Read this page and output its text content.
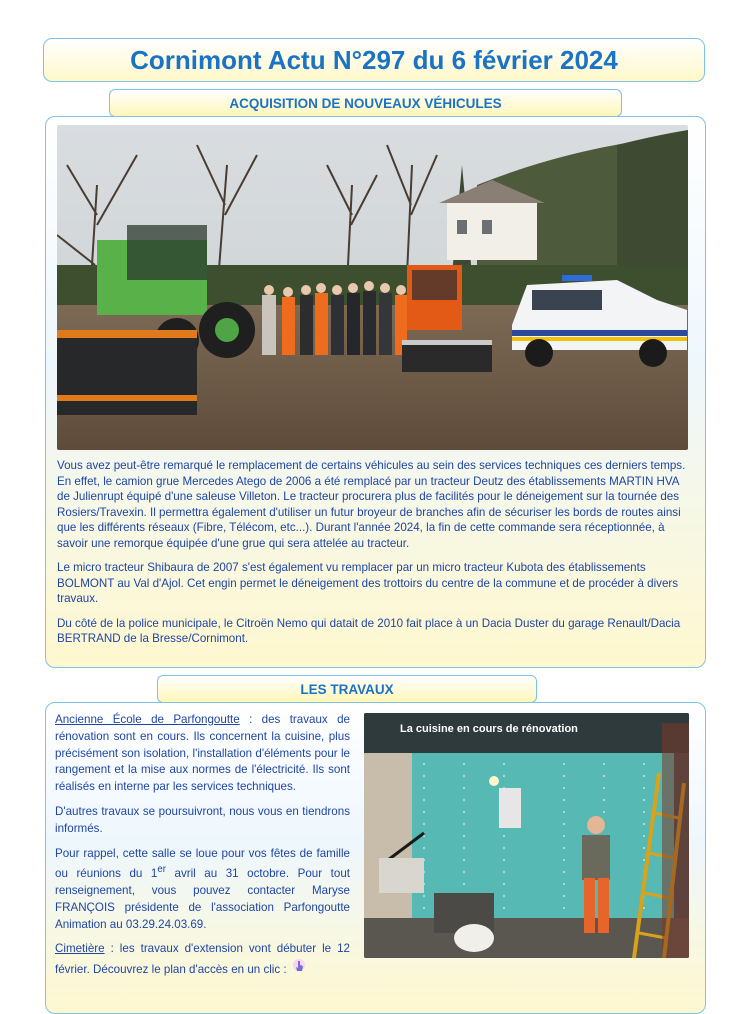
Cornimont Actu N°297 du 6 février 2024
ACQUISITION DE NOUVEAUX VÉHICULES

Vous avez peut-être remarqué le remplacement de certains véhicules au sein des services techniques ces derniers temps. En effet, le camion grue Mercedes Atego de 2006 a été remplacé par un tracteur Deutz des établissements MARTIN HVA de Julienrupt équipé d'une saleuse Villeton. Le tracteur procurera plus de facilités pour le déneigement sur la tournée des Rosiers/Travexin. Il permettra également d'utiliser un futur broyeur de branches afin de sécuriser les bords de routes ainsi que les différents réseaux (Fibre, Télécom, etc...). Durant l'année 2024, la fin de cette commande sera réceptionnée, à savoir une remorque équipée d'une grue qui sera attelée au tracteur.

Le micro tracteur Shibaura de 2007 s'est également vu remplacer par un micro tracteur Kubota des établissements BOLMONT au Val d'Ajol. Cet engin permet le déneigement des trottoirs du centre de la commune et de procéder à divers travaux.

Du côté de la police municipale, le Citroën Nemo qui datait de 2010 fait place à un Dacia Duster du garage Renault/Dacia BERTRAND de la Bresse/Cornimont.

LES TRAVAUX

Ancienne École de Parfongoutte : des travaux de rénovation sont en cours. Ils concernent la cuisine, plus précisément son isolation, l'installation d'éléments pour le rangement et la mise aux normes de l'électricité. Ils sont réalisés en interne par les services techniques.

D'autres travaux se poursuivront, nous vous en tiendrons informés.

Pour rappel, cette salle se loue pour vos fêtes de famille ou réunions du 1er avril au 31 octobre. Pour tout renseignement, vous pouvez contacter Maryse FRANÇOIS présidente de l'association Parfongoutte Animation au 03.29.24.03.69.

Cimetière : les travaux d'extension vont débuter le 12 février. Découvrez le plan d'accès en un clic :

La cuisine en cours de rénovation
